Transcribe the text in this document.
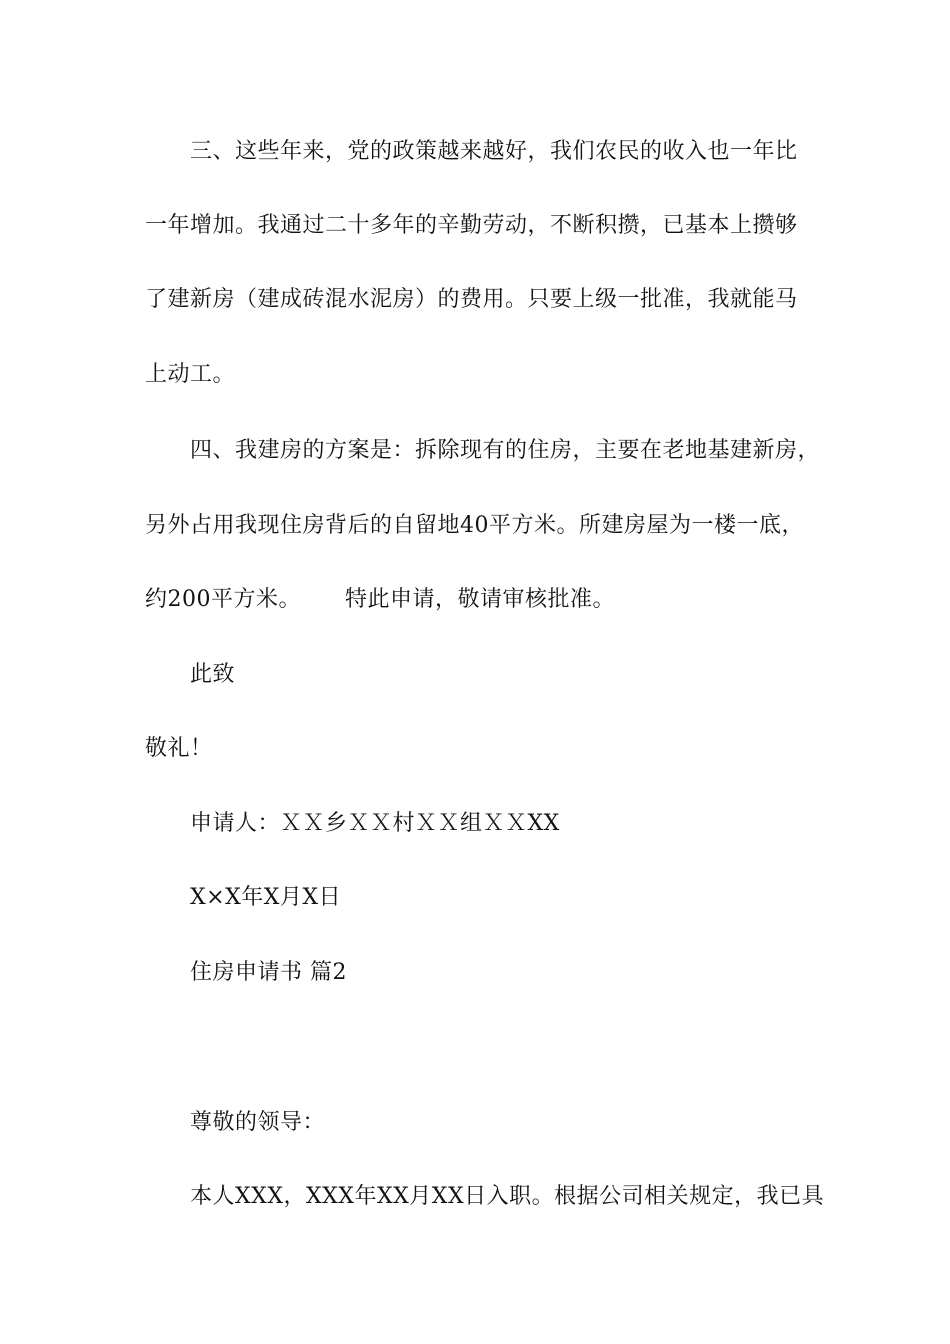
三、这些年来，党的政策越来越好，我们农民的收入也一年比
一年增加。我通过二十多年的辛勤劳动，不断积攒，已基本上攒够
了建新房（建成砖混水泥房）的费用。只要上级一批准，我就能马
上动工。
四、我建房的方案是：拆除现有的住房，主要在老地基建新房，
另外占用我现住房背后的自留地40平方米。所建房屋为一楼一底，
约200平方米。 特此申请，敬请审核批准。
此致
敬礼！
申请人：ＸＸ乡ＸＸ村ＸＸ组ＸＸXX
X×X年X月X日
住房申请书 篇2
尊敬的领导：
本人XXX，XXX年XX月XX日入职。根据公司相关规定，我已具
